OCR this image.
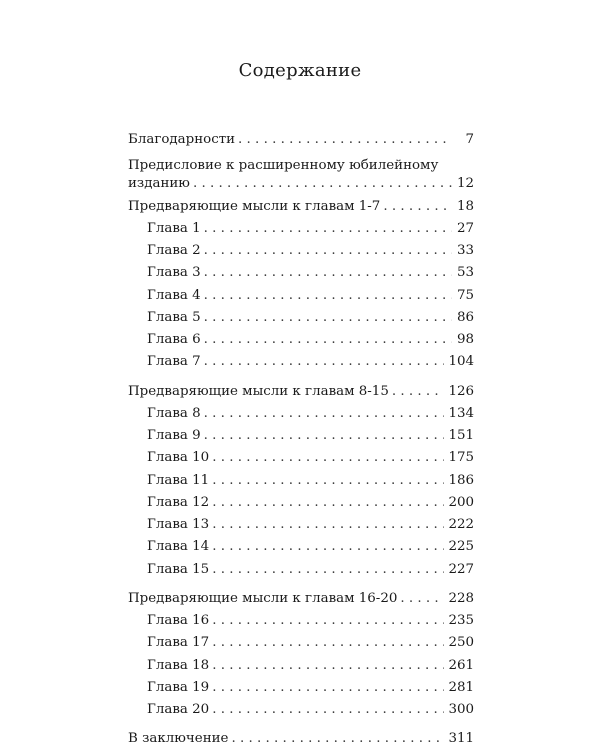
Содержание
Благодарности . . .	7
Предисловие к расширенному юбилейному
изданию . . .	12
Предваряющие мысли к главам 1-7 . . .	18
Глава 1 . . .	27
Глава 2 . . .	33
Глава 3 . . .	53
Глава 4 . . .	75
Глава 5 . . .	86
Глава 6 . . .	98
Глава 7 . . .	104
Предваряющие мысли к главам 8-15 . . .	126
Глава 8 . . .	134
Глава 9 . . .	151
Глава 10 . . .	175
Глава 11 . . .	186
Глава 12 . . .	200
Глава 13 . . .	222
Глава 14 . . .	225
Глава 15 . . .	227
Предваряющие мысли к главам 16-20 . . .	228
Глава 16 . . .	235
Глава 17 . . .	250
Глава 18 . . .	261
Глава 19 . . .	281
Глава 20 . . .	300
В заключение . . .	311
